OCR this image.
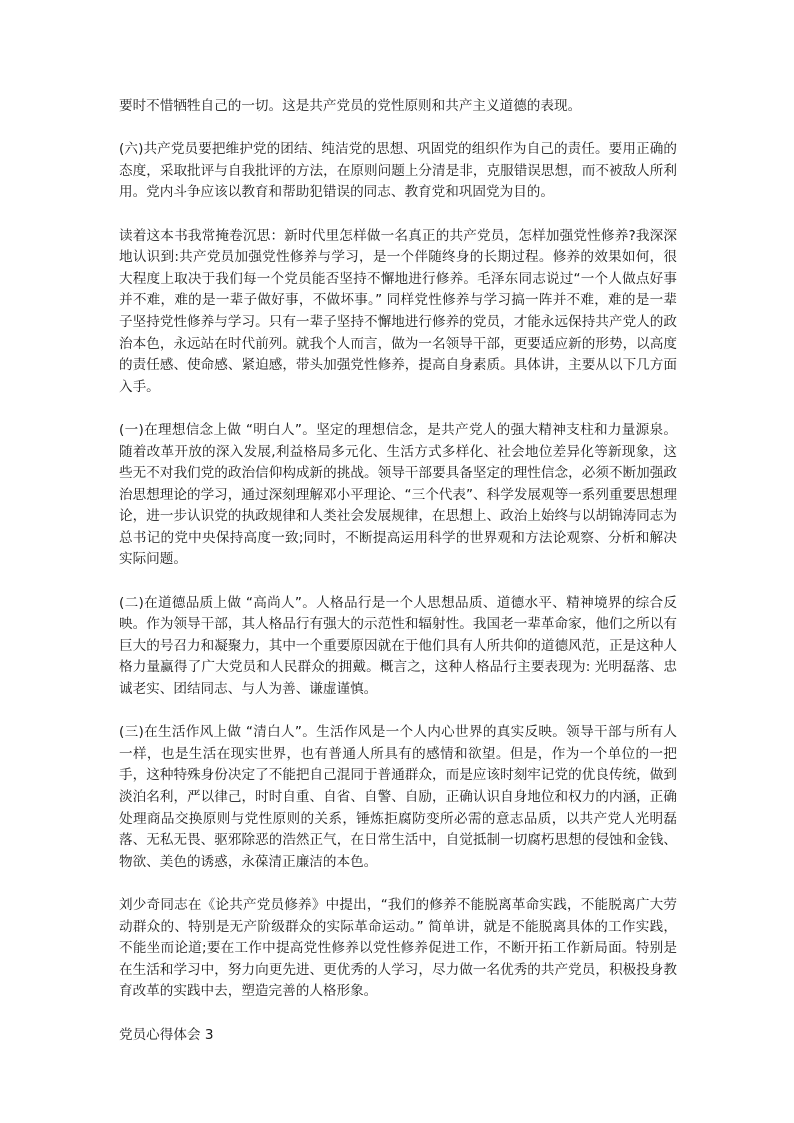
要时不惜牺牲自己的一切。这是共产党员的党性原则和共产主义道德的表现。

(六)共产党员要把维护党的团结、纯洁党的思想、巩固党的组织作为自己的责任。要用正确的态度，采取批评与自我批评的方法，在原则问题上分清是非，克服错误思想，而不被敌人所利用。党内斗争应该以教育和帮助犯错误的同志、教育党和巩固党为目的。

读着这本书我常掩卷沉思：新时代里怎样做一名真正的共产党员，怎样加强党性修养?我深深地认识到:共产党员加强党性修养与学习，是一个伴随终身的长期过程。修养的效果如何，很大程度上取决于我们每一个党员能否坚持不懈地进行修养。毛泽东同志说过“一个人做点好事并不难，难的是一辈子做好事，不做坏事。” 同样党性修养与学习搞一阵并不难，难的是一辈子坚持党性修养与学习。只有一辈子坚持不懈地进行修养的党员，才能永远保持共产党人的政治本色，永远站在时代前列。就我个人而言，做为一名领导干部，更要适应新的形势，以高度的责任感、使命感、紧迫感，带头加强党性修养，提高自身素质。具体讲，主要从以下几方面入手。

(一)在理想信念上做 “明白人”。坚定的理想信念，是共产党人的强大精神支柱和力量源泉。随着改革开放的深入发展,利益格局多元化、生活方式多样化、社会地位差异化等新现象，这些无不对我们党的政治信仰构成新的挑战。领导干部要具备坚定的理性信念，必须不断加强政治思想理论的学习，通过深刻理解邓小平理论、“三个代表”、科学发展观等一系列重要思想理论，进一步认识党的执政规律和人类社会发展规律，在思想上、政治上始终与以胡锦涛同志为总书记的党中央保持高度一致;同时，不断提高运用科学的世界观和方法论观察、分析和解决实际问题。

(二)在道德品质上做 “高尚人”。人格品行是一个人思想品质、道德水平、精神境界的综合反映。作为领导干部，其人格品行有强大的示范性和辐射性。我国老一辈革命家，他们之所以有巨大的号召力和凝聚力，其中一个重要原因就在于他们具有人所共仰的道德风范，正是这种人格力量赢得了广大党员和人民群众的拥戴。概言之，这种人格品行主要表现为: 光明磊落、忠诚老实、团结同志、与人为善、谦虚谨慎。

(三)在生活作风上做 “清白人”。生活作风是一个人内心世界的真实反映。领导干部与所有人一样，也是生活在现实世界，也有普通人所具有的感情和欲望。但是，作为一个单位的一把手，这种特殊身份决定了不能把自己混同于普通群众，而是应该时刻牢记党的优良传统，做到淡泊名利，严以律己，时时自重、自省、自警、自励，正确认识自身地位和权力的内涵，正确处理商品交换原则与党性原则的关系，锤炼拒腐防变所必需的意志品质，以共产党人光明磊落、无私无畏、驱邪除恶的浩然正气，在日常生活中，自觉抵制一切腐朽思想的侵蚀和金钱、物欲、美色的诱惑，永葆清正廉洁的本色。

刘少奇同志在《论共产党员修养》中提出，“我们的修养不能脱离革命实践，不能脱离广大劳动群众的、特别是无产阶级群众的实际革命运动。” 简单讲，就是不能脱离具体的工作实践，不能坐而论道;要在工作中提高党性修养以党性修养促进工作，不断开拓工作新局面。特别是在生活和学习中，努力向更先进、更优秀的人学习，尽力做一名优秀的共产党员，积极投身教育改革的实践中去，塑造完善的人格形象。

党员心得体会 3
